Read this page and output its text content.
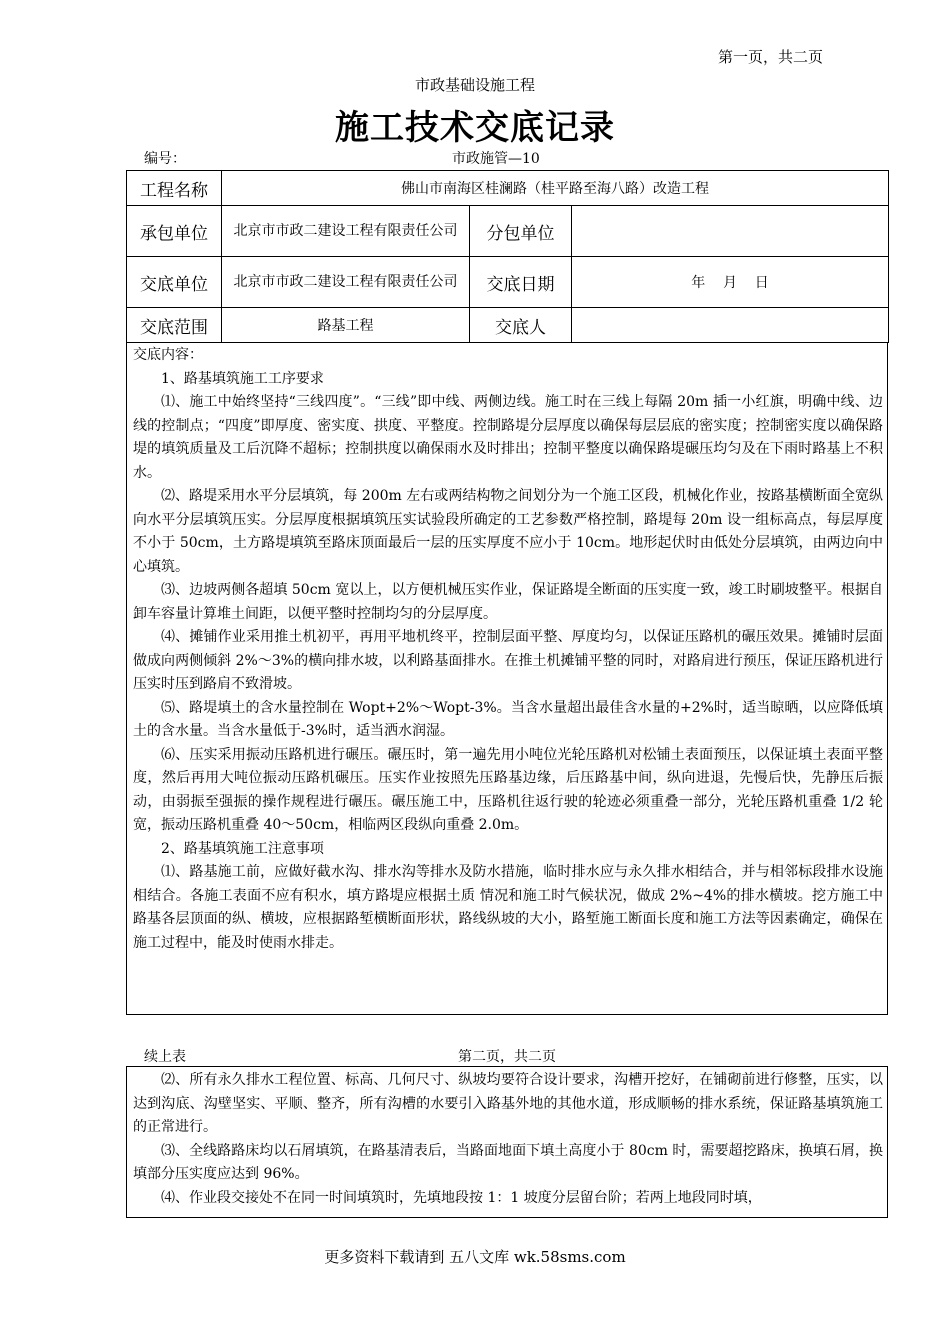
第一页，共二页
市政基础设施工程
施工技术交底记录
编号：	市政施管—10
工程名称	佛山市南海区桂澜路（桂平路至海八路）改造工程		
承包单位	北京市市政二建设工程有限责任公司	分包单位	
交底单位	北京市市政二建设工程有限责任公司	交底日期	年    月    日
交底范围	路基工程	交底人	

交底内容：

1、路基填筑施工工序要求

⑴、施工中始终坚持“三线四度”。“三线”即中线、两侧边线。施工时在三线上每隔 20m 插一小红旗，明确中线、边线的控制点；“四度”即厚度、密实度、拱度、平整度。控制路堤分层厚度以确保每层层底的密实度；控制密实度以确保路堤的填筑质量及工后沉降不超标；控制拱度以确保雨水及时排出；控制平整度以确保路堤碾压均匀及在下雨时路基上不积水。

⑵、路堤采用水平分层填筑，每 200m 左右或两结构物之间划分为一个施工区段，机械化作业，按路基横断面全宽纵向水平分层填筑压实。分层厚度根据填筑压实试验段所确定的工艺参数严格控制，路堤每 20m 设一组标高点，每层厚度不小于 50cm，土方路堤填筑至路床顶面最后一层的压实厚度不应小于 10cm。地形起伏时由低处分层填筑，由两边向中心填筑。

⑶、边坡两侧各超填 50cm 宽以上，以方便机械压实作业，保证路堤全断面的压实度一致，竣工时刷坡整平。根据自卸车容量计算堆土间距，以便平整时控制均匀的分层厚度。

⑷、摊铺作业采用推土机初平，再用平地机终平，控制层面平整、厚度均匀，以保证压路机的碾压效果。摊铺时层面做成向两侧倾斜 2%～3%的横向排水坡，以利路基面排水。在推土机摊铺平整的同时，对路肩进行预压，保证压路机进行压实时压到路肩不致滑坡。

⑸、路堤填土的含水量控制在 Wopt+2%～Wopt-3%。当含水量超出最佳含水量的+2%时，适当晾晒，以应降低填土的含水量。当含水量低于-3%时，适当洒水润湿。

⑹、压实采用振动压路机进行碾压。碾压时，第一遍先用小吨位光轮压路机对松铺土表面预压，以保证填土表面平整度，然后再用大吨位振动压路机碾压。压实作业按照先压路基边缘，后压路基中间，纵向进退，先慢后快，先静压后振动，由弱振至强振的操作规程进行碾压。碾压施工中，压路机往返行驶的轮迹必须重叠一部分，光轮压路机重叠 1/2 轮宽，振动压路机重叠 40～50cm，相临两区段纵向重叠 2.0m。

2、路基填筑施工注意事项

⑴、路基施工前，应做好截水沟、排水沟等排水及防水措施，临时排水应与永久排水相结合，并与相邻标段排水设施相结合。各施工表面不应有积水，填方路堤应根据土质 情况和施工时气候状况，做成 2%~4%的排水横坡。挖方施工中路基各层顶面的纵、横坡，应根据路堑横断面形状，路线纵坡的大小，路堑施工断面长度和施工方法等因素确定，确保在施工过程中，能及时使雨水排走。

续上表	第二页，共二页

⑵、所有永久排水工程位置、标高、几何尺寸、纵坡均要符合设计要求，沟槽开挖好，在铺砌前进行修整，压实，以达到沟底、沟壁坚实、平顺、整齐，所有沟槽的水要引入路基外地的其他水道，形成顺畅的排水系统，保证路基填筑施工的正常进行。

⑶、全线路路床均以石屑填筑，在路基清表后，当路面地面下填土高度小于 80cm 时，需要超挖路床，换填石屑，换填部分压实度应达到 96%。

⑷、作业段交接处不在同一时间填筑时，先填地段按 1：1 坡度分层留台阶；若两上地段同时填，

更多资料下载请到 五八文库 wk.58sms.com
